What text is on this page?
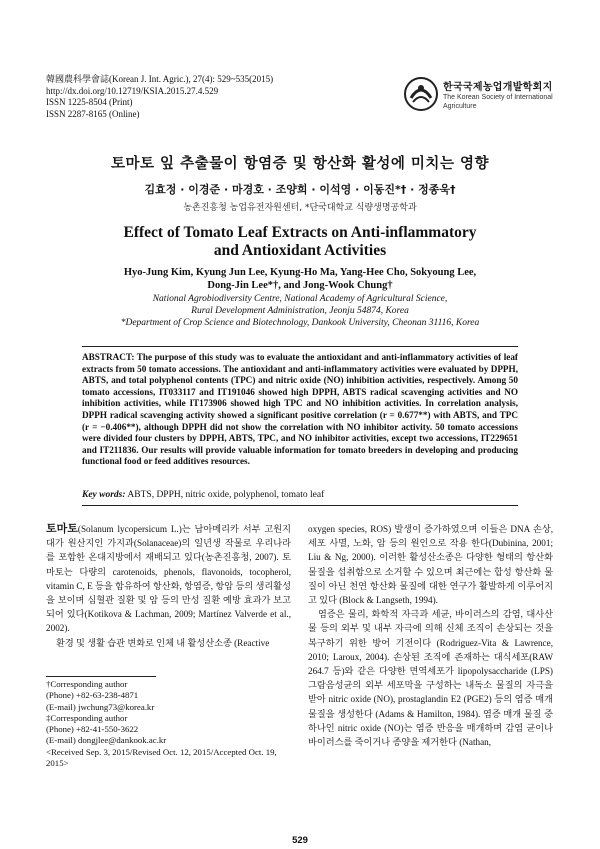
韓國農科學會誌(Korean J. Int. Agric.), 27(4): 529~535(2015)
http://dx.doi.org/10.12719/KSIA.2015.27.4.529
ISSN 1225-8504 (Print)
ISSN 2287-8165 (Online)
한국국제농업개발학회지
The Korean Society of International Agriculture
토마토 잎 추출물이 항염증 및 항산화 활성에 미치는 영향
김효정 · 이경준 · 마경호 · 조양희 · 이석영 · 이동진*† · 정종욱†
농촌진흥청 농업유전자원센터, *단국대학교 식량생명공학과
Effect of Tomato Leaf Extracts on Anti-inflammatory
and Antioxidant Activities
Hyo-Jung Kim, Kyung Jun Lee, Kyung-Ho Ma, Yang-Hee Cho, Sokyoung Lee,
Dong-Jin Lee*†, and Jong-Wook Chung†
National Agrobiodiversity Centre, National Academy of Agricultural Science,
Rural Development Administration, Jeonju 54874, Korea
*Department of Crop Science and Biotechnology, Dankook University, Cheonan 31116, Korea
ABSTRACT: The purpose of this study was to evaluate the antioxidant and anti-inflammatory activities of leaf extracts from 50 tomato accessions. The antioxidant and anti-inflammatory activities were evaluated by DPPH, ABTS, and total polyphenol contents (TPC) and nitric oxide (NO) inhibition activities, respectively. Among 50 tomato accessions, IT033117 and IT191046 showed high DPPH, ABTS radical scavenging activities and NO inhibition activities, while IT173906 showed high TPC and NO inhibition activities. In correlation analysis, DPPH radical scavenging activity showed a significant positive correlation (r = 0.677**) with ABTS, and TPC (r = −0.406**), although DPPH did not show the correlation with NO inhibitor activity. 50 tomato accessions were divided four clusters by DPPH, ABTS, TPC, and NO inhibitor activities, except two accessions, IT229651 and IT211836. Our results will provide valuable information for tomato breeders in developing and producing functional food or feed additives resources.
Key words: ABTS, DPPH, nitric oxide, polyphenol, tomato leaf

토마토(Solanum lycopersicum L.)는 남아메리카 서부 고원지대가 원산지인 가지과(Solanaceae)의 일년생 작물로 우리나라를 포함한 온대지방에서 재배되고 있다(농촌진흥청, 2007). 토마토는 다량의 carotenoids, phenols, flavonoids, tocopherol, vitamin C, E 등을 함유하여 항산화, 항염증, 항암 등의 생리활성을 보이며 심혈관 질환 및 암 등의 만성 질환 예방 효과가 보고되어 있다(Kotikova & Lachman, 2009; Martínez Valverde et al., 2002).

환경 및 생활 습관 변화로 인체 내 활성산소종 (Reactive

oxygen species, ROS) 발생이 증가하였으며 이들은 DNA 손상, 세포 사멸, 노화, 암 등의 원인으로 작용 한다(Dubinina, 2001; Liu & Ng, 2000). 이러한 활성산소종은 다양한 형태의 항산화 물질을 섭취함으로 소거할 수 있으며 최근에는 합성 항산화 물질이 아닌 천연 항산화 물질에 대한 연구가 활발하게 이루어지고 있다 (Block & Langseth, 1994).

염증은 물리, 화학적 자극과 세균, 바이러스의 감염, 대사산물 등의 외부 및 내부 자극에 의해 신체 조직이 손상되는 것을 복구하기 위한 방어 기전이다 (Rodriguez-Vita & Lawrence, 2010; Laroux, 2004). 손상된 조직에 존재하는 대식세포(RAW 264.7 등)와 같은 다양한 면역세포가 lipopolysaccharide (LPS) 그람음성균의 외부 세포막을 구성하는 내독소 물질의 자극을 받아 nitric oxide (NO), prostaglandin E2 (PGE2) 등의 염증 매개 물질을 생성한다 (Adams & Hamilton, 1984). 염증 매개 물질 중 하나인 nitric oxide (NO)는 염증 반응을 매개하며 감염 균이나 바이러스를 죽이거나 종양을 제거한다 (Nathan,

†Corresponding author
(Phone) +82-63-238-4871
(E-mail) jwchung73@korea.kr
‡Corresponding author
(Phone) +82-41-550-3622
(E-mail) dongjlee@dankook.ac.kr
<Received Sep. 3, 2015/Revised Oct. 12, 2015/Accepted Oct. 19, 2015>
529
